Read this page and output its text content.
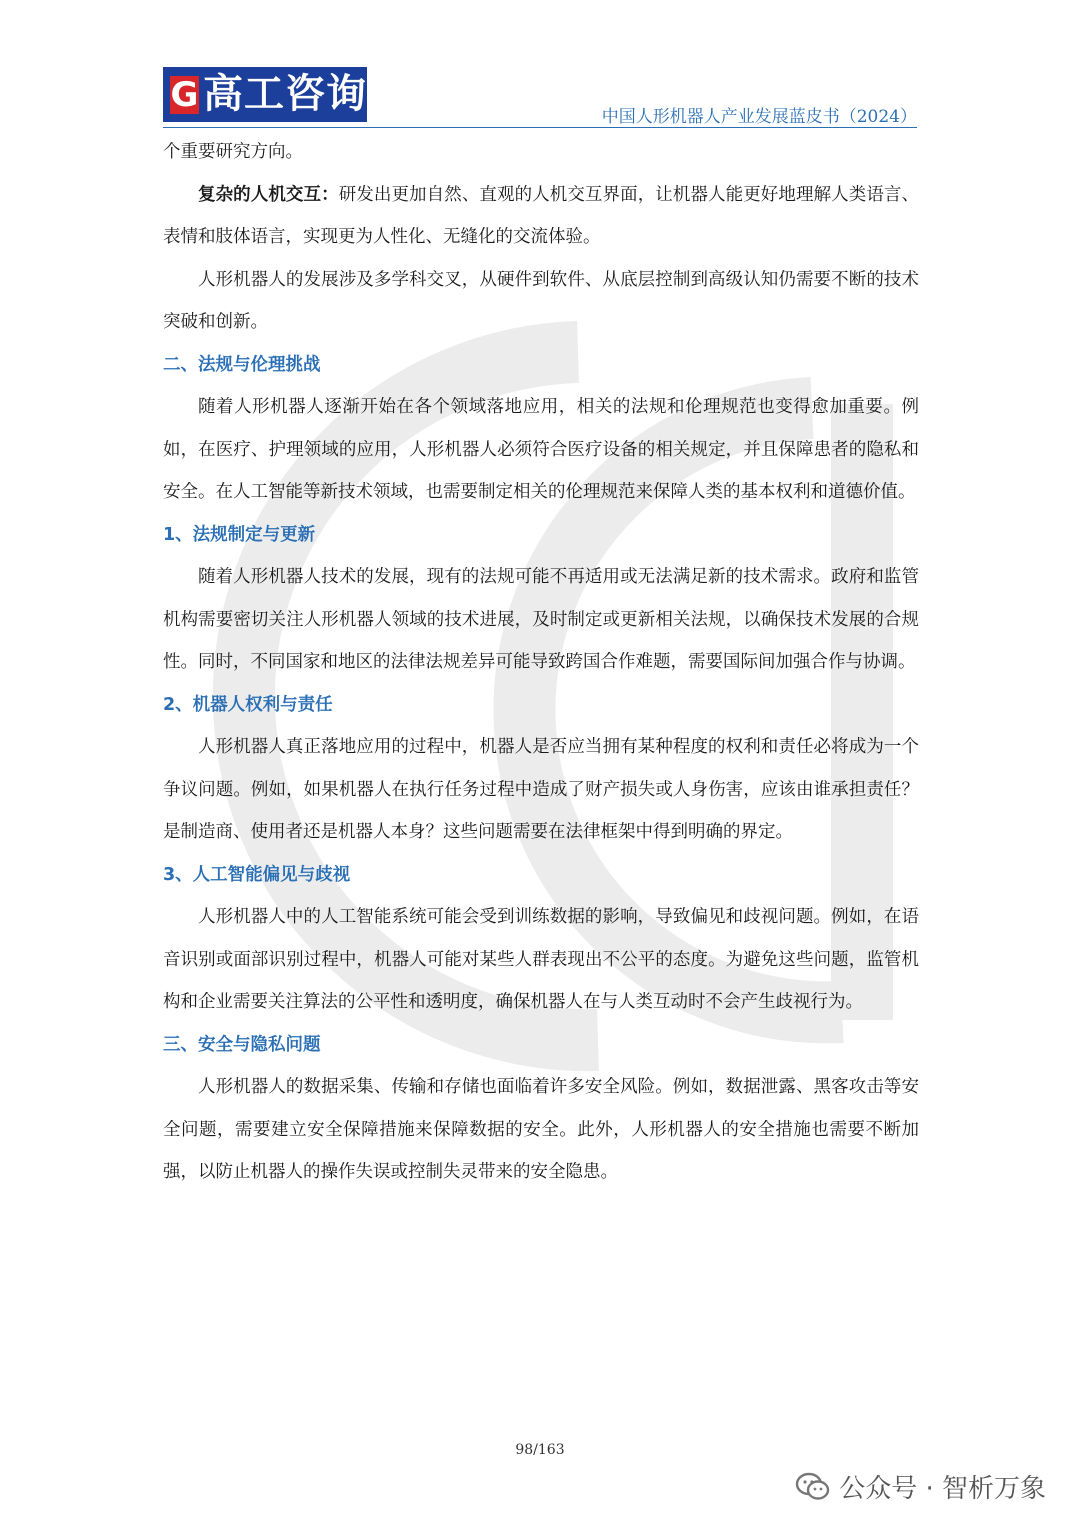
G 高工咨询	中国人形机器人产业发展蓝皮书（2024）

个重要研究方向。

复杂的人机交互：研发出更加自然、直观的人机交互界面，让机器人能更好地理解人类语言、表情和肢体语言，实现更为人性化、无缝化的交流体验。

人形机器人的发展涉及多学科交叉，从硬件到软件、从底层控制到高级认知仍需要不断的技术突破和创新。

二、法规与伦理挑战

随着人形机器人逐渐开始在各个领域落地应用，相关的法规和伦理规范也变得愈加重要。例如，在医疗、护理领域的应用，人形机器人必须符合医疗设备的相关规定，并且保障患者的隐私和安全。在人工智能等新技术领域，也需要制定相关的伦理规范来保障人类的基本权利和道德价值。

1、法规制定与更新

随着人形机器人技术的发展，现有的法规可能不再适用或无法满足新的技术需求。政府和监管机构需要密切关注人形机器人领域的技术进展，及时制定或更新相关法规，以确保技术发展的合规性。同时，不同国家和地区的法律法规差异可能导致跨国合作难题，需要国际间加强合作与协调。

2、机器人权利与责任

人形机器人真正落地应用的过程中，机器人是否应当拥有某种程度的权利和责任必将成为一个争议问题。例如，如果机器人在执行任务过程中造成了财产损失或人身伤害，应该由谁承担责任？是制造商、使用者还是机器人本身？这些问题需要在法律框架中得到明确的界定。

3、人工智能偏见与歧视

人形机器人中的人工智能系统可能会受到训练数据的影响，导致偏见和歧视问题。例如，在语音识别或面部识别过程中，机器人可能对某些人群表现出不公平的态度。为避免这些问题，监管机构和企业需要关注算法的公平性和透明度，确保机器人在与人类互动时不会产生歧视行为。

三、安全与隐私问题

人形机器人的数据采集、传输和存储也面临着许多安全风险。例如，数据泄露、黑客攻击等安全问题，需要建立安全保障措施来保障数据的安全。此外，人形机器人的安全措施也需要不断加强，以防止机器人的操作失误或控制失灵带来的安全隐患。

98/163
公众号 · 智析万象
